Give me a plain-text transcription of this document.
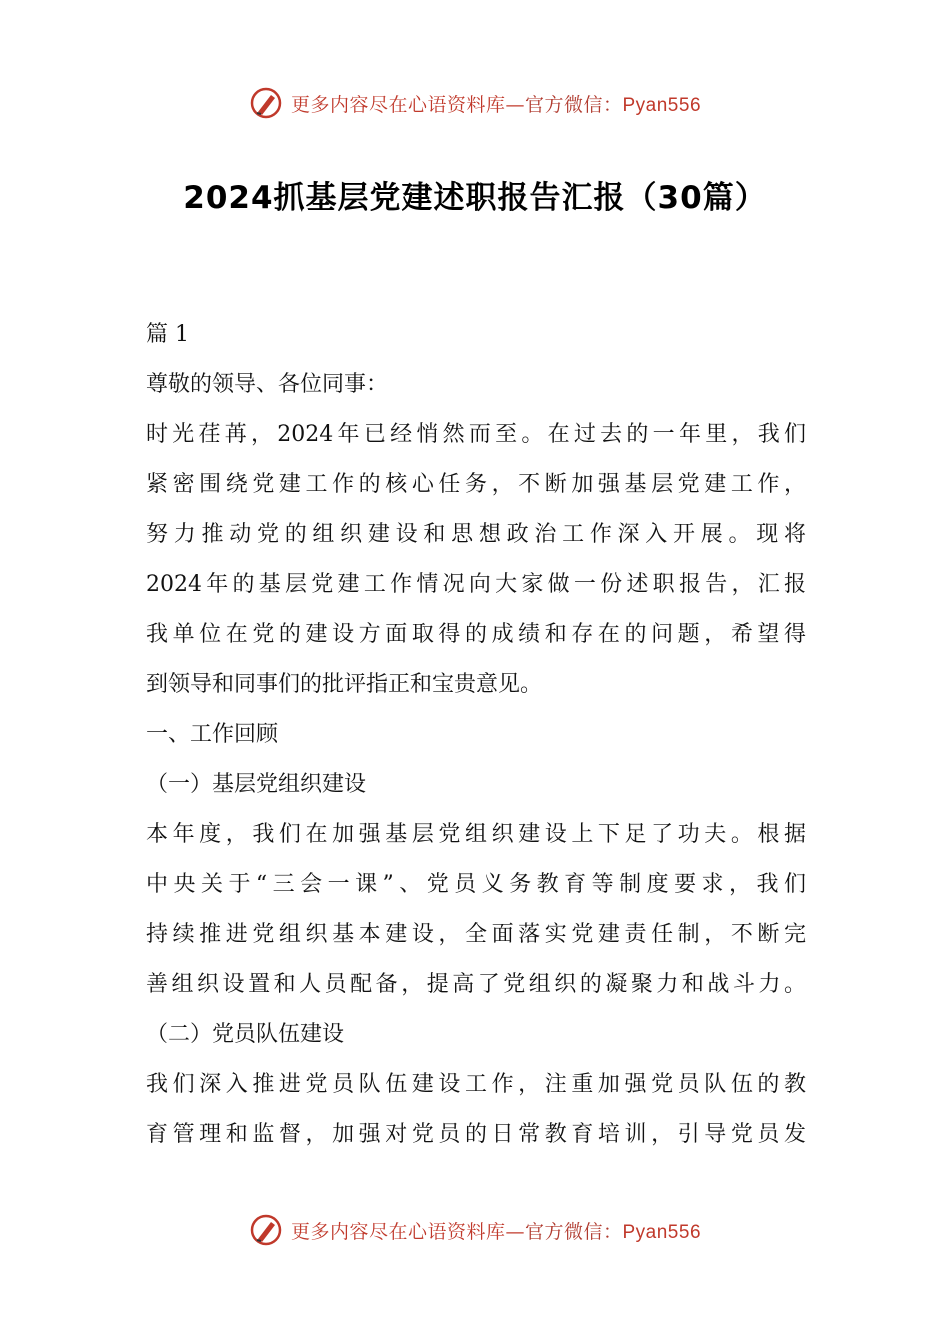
更多内容尽在心语资料库—官方微信：Pyan556
2024抓基层党建述职报告汇报（30篇）
篇 1
尊敬的领导、各位同事：
时光荏苒，2024年已经悄然而至。在过去的一年里，我们
紧密围绕党建工作的核心任务，不断加强基层党建工作，
努力推动党的组织建设和思想政治工作深入开展。现将
2024年的基层党建工作情况向大家做一份述职报告，汇报
我单位在党的建设方面取得的成绩和存在的问题，希望得
到领导和同事们的批评指正和宝贵意见。
一、工作回顾
（一）基层党组织建设
本年度，我们在加强基层党组织建设上下足了功夫。根据
中央关于“三会一课”、党员义务教育等制度要求，我们
持续推进党组织基本建设，全面落实党建责任制，不断完
善组织设置和人员配备，提高了党组织的凝聚力和战斗力。
（二）党员队伍建设
我们深入推进党员队伍建设工作，注重加强党员队伍的教
育管理和监督，加强对党员的日常教育培训，引导党员发
更多内容尽在心语资料库—官方微信：Pyan556
